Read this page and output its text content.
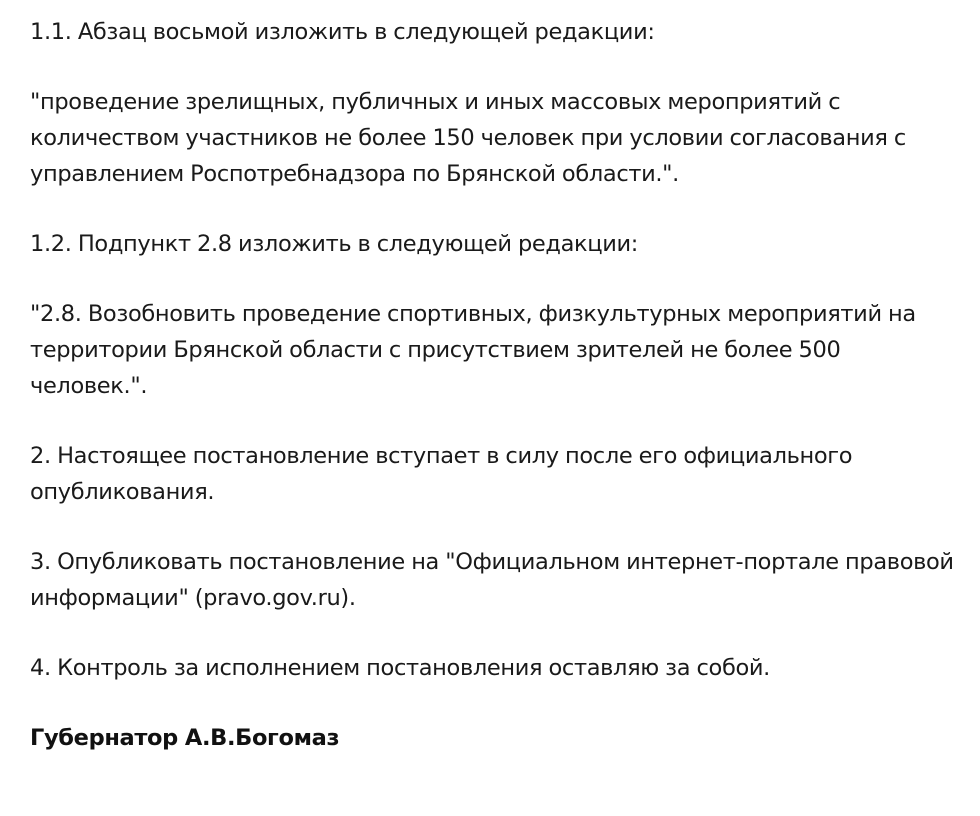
1.1. Абзац восьмой изложить в следующей редакции:

"проведение зрелищных, публичных и иных массовых мероприятий с количеством участников не более 150 человек при условии согласования с управлением Роспотребнадзора по Брянской области.".

1.2. Подпункт 2.8 изложить в следующей редакции:

"2.8. Возобновить проведение спортивных, физкультурных мероприятий на территории Брянской области с присутствием зрителей не более 500 человек.".

2. Настоящее постановление вступает в силу после его официального опубликования.

3. Опубликовать постановление на "Официальном интернет-портале правовой информации" (pravo.gov.ru).

4. Контроль за исполнением постановления оставляю за собой.

Губернатор А.В.Богомаз
